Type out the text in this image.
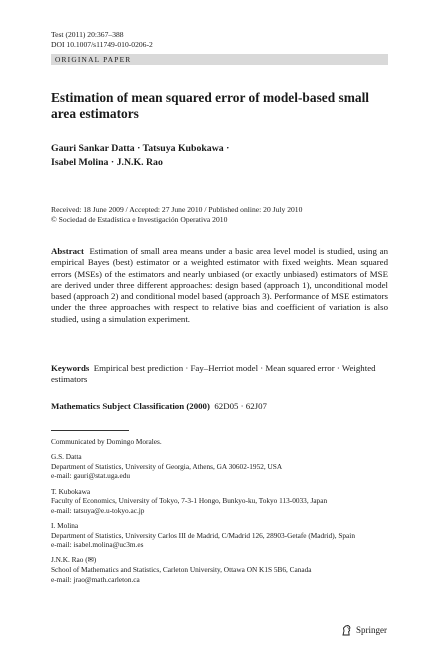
Test (2011) 20:367–388
DOI 10.1007/s11749-010-0206-2
ORIGINAL PAPER
Estimation of mean squared error of model-based small area estimators
Gauri Sankar Datta · Tatsuya Kubokawa ·
Isabel Molina · J.N.K. Rao
Received: 18 June 2009 / Accepted: 27 June 2010 / Published online: 20 July 2010
© Sociedad de Estadística e Investigación Operativa 2010

Abstract Estimation of small area means under a basic area level model is studied, using an empirical Bayes (best) estimator or a weighted estimator with fixed weights. Mean squared errors (MSEs) of the estimators and nearly unbiased (or exactly unbiased) estimators of MSE are derived under three different approaches: design based (approach 1), unconditional model based (approach 2) and conditional model based (approach 3). Performance of MSE estimators under the three approaches with respect to relative bias and coefficient of variation is also studied, using a simulation experiment.

Keywords Empirical best prediction · Fay–Herriot model · Mean squared error · Weighted estimators

Mathematics Subject Classification (2000) 62D05 · 62J07

Communicated by Domingo Morales.
G.S. Datta
Department of Statistics, University of Georgia, Athens, GA 30602-1952, USA
e-mail: gauri@stat.uga.edu
T. Kubokawa
Faculty of Economics, University of Tokyo, 7-3-1 Hongo, Bunkyo-ku, Tokyo 113-0033, Japan
e-mail: tatsuya@e.u-tokyo.ac.jp
I. Molina
Department of Statistics, University Carlos III de Madrid, C/Madrid 126, 28903-Getafe (Madrid), Spain
e-mail: isabel.molina@uc3m.es
J.N.K. Rao (✉)
School of Mathematics and Statistics, Carleton University, Ottawa ON K1S 5B6, Canada
e-mail: jrao@math.carleton.ca
Springer
